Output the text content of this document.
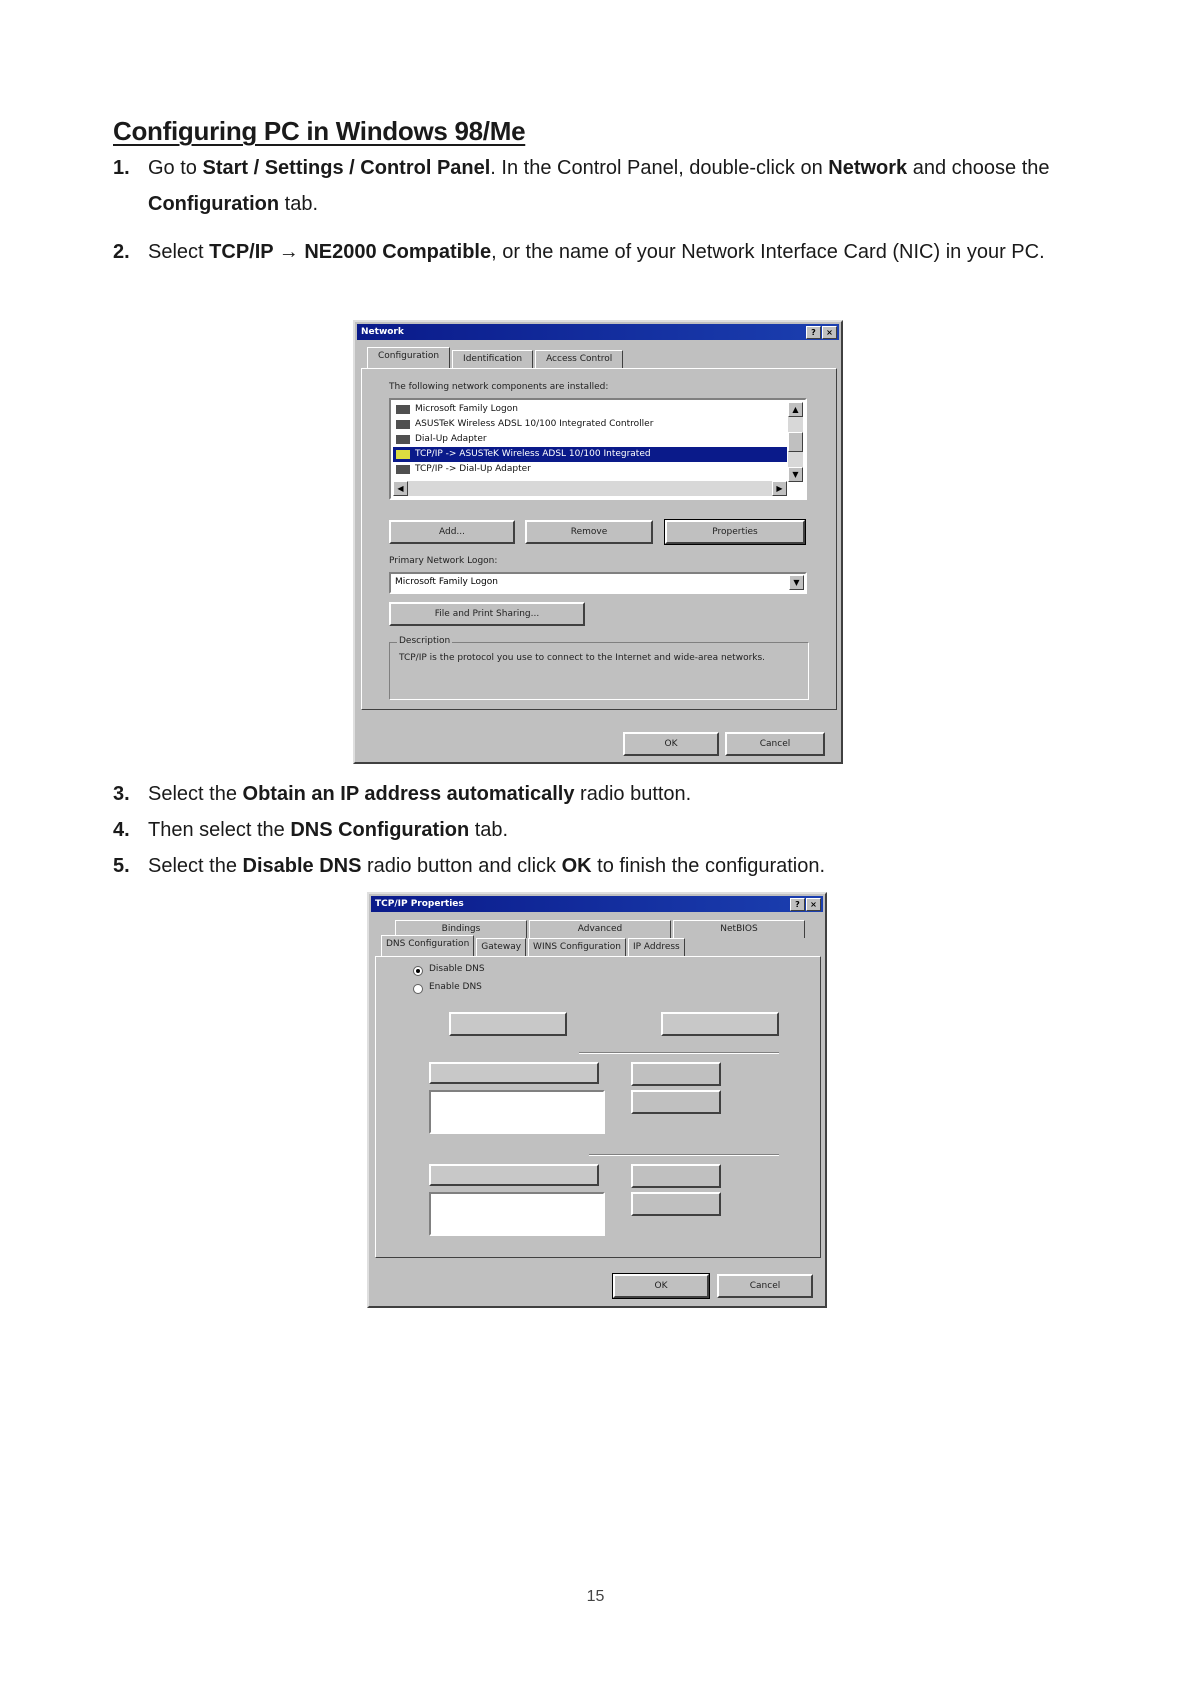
Configuring PC in Windows 98/Me
1. Go to Start / Settings / Control Panel. In the Control Panel, double-click on Network and choose the Configuration tab.
2. Select TCP/IP → NE2000 Compatible, or the name of your Network Interface Card (NIC) in your PC.
Network	?	×
Configuration	Identification	Access Control
The following network components are installed:
Microsoft Family Logon
ASUSTeK Wireless ADSL 10/100 Integrated Controller
Dial-Up Adapter
TCP/IP -> ASUSTeK Wireless ADSL 10/100 Integrated
TCP/IP -> Dial-Up Adapter
▲
▼
◀	▶
Add...	Remove	Properties
Primary Network Logon:
Microsoft Family Logon	▼
File and Print Sharing...
Description
TCP/IP is the protocol you use to connect to the Internet and wide-area networks.
OK	Cancel
3. Select the Obtain an IP address automatically radio button.
4. Then select the DNS Configuration tab.
5. Select the Disable DNS radio button and click OK to finish the configuration.
TCP/IP Properties	?	×
Bindings	Advanced	NetBIOS
DNS Configuration	Gateway	WINS Configuration	IP Address
Disable DNS
Enable DNS
OK	Cancel
15
